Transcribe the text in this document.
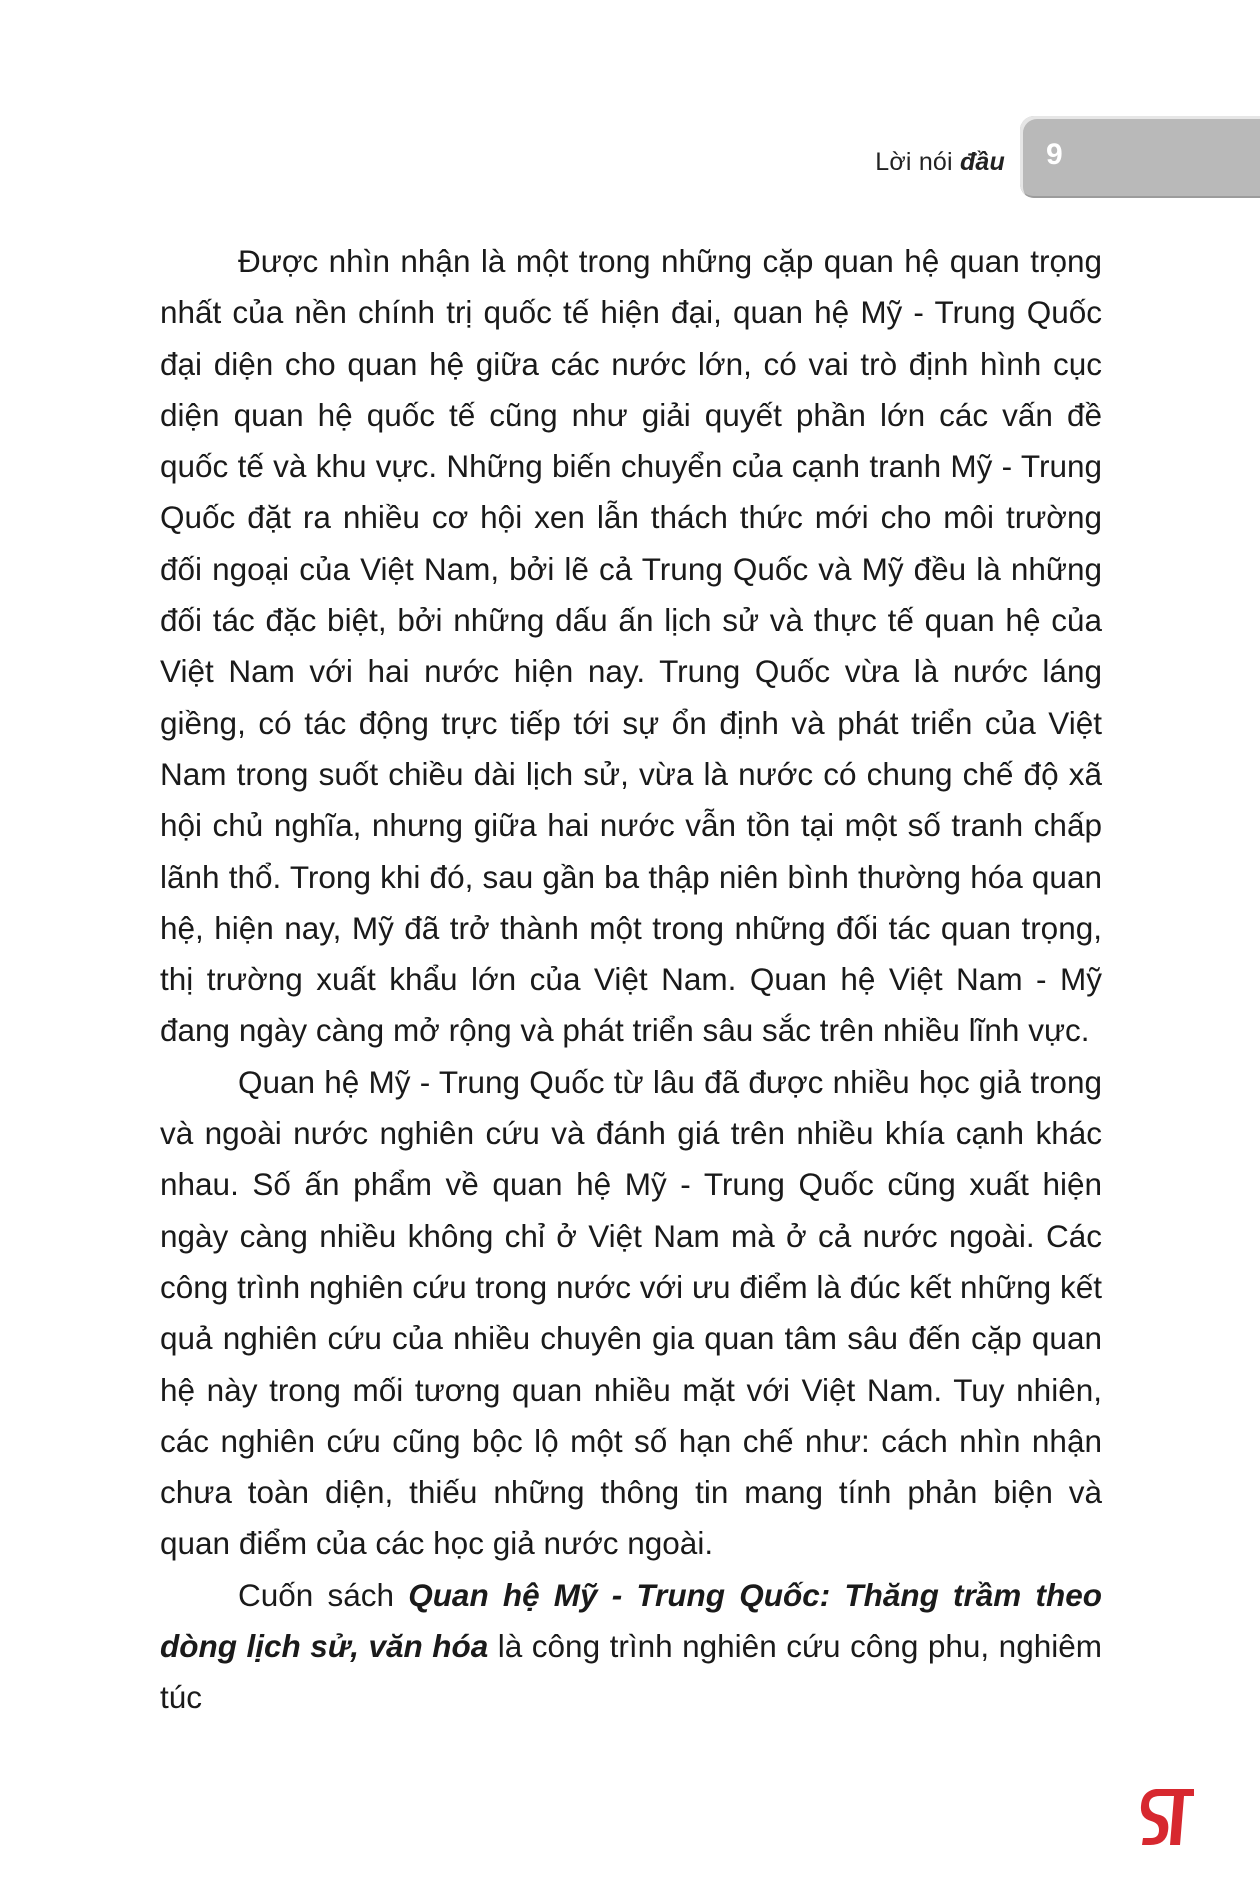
9
Lời nói đầu

Được nhìn nhận là một trong những cặp quan hệ quan trọng nhất của nền chính trị quốc tế hiện đại, quan hệ Mỹ - Trung Quốc đại diện cho quan hệ giữa các nước lớn, có vai trò định hình cục diện quan hệ quốc tế cũng như giải quyết phần lớn các vấn đề quốc tế và khu vực. Những biến chuyển của cạnh tranh Mỹ - Trung Quốc đặt ra nhiều cơ hội xen lẫn thách thức mới cho môi trường đối ngoại của Việt Nam, bởi lẽ cả Trung Quốc và Mỹ đều là những đối tác đặc biệt, bởi những dấu ấn lịch sử và thực tế quan hệ của Việt Nam với hai nước hiện nay. Trung Quốc vừa là nước láng giềng, có tác động trực tiếp tới sự ổn định và phát triển của Việt Nam trong suốt chiều dài lịch sử, vừa là nước có chung chế độ xã hội chủ nghĩa, nhưng giữa hai nước vẫn tồn tại một số tranh chấp lãnh thổ. Trong khi đó, sau gần ba thập niên bình thường hóa quan hệ, hiện nay, Mỹ đã trở thành một trong những đối tác quan trọng, thị trường xuất khẩu lớn của Việt Nam. Quan hệ Việt Nam - Mỹ đang ngày càng mở rộng và phát triển sâu sắc trên nhiều lĩnh vực.

Quan hệ Mỹ - Trung Quốc từ lâu đã được nhiều học giả trong và ngoài nước nghiên cứu và đánh giá trên nhiều khía cạnh khác nhau. Số ấn phẩm về quan hệ Mỹ - Trung Quốc cũng xuất hiện ngày càng nhiều không chỉ ở Việt Nam mà ở cả nước ngoài. Các công trình nghiên cứu trong nước với ưu điểm là đúc kết những kết quả nghiên cứu của nhiều chuyên gia quan tâm sâu đến cặp quan hệ này trong mối tương quan nhiều mặt với Việt Nam. Tuy nhiên, các nghiên cứu cũng bộc lộ một số hạn chế như: cách nhìn nhận chưa toàn diện, thiếu những thông tin mang tính phản biện và quan điểm của các học giả nước ngoài.

Cuốn sách Quan hệ Mỹ - Trung Quốc: Thăng trầm theo dòng lịch sử, văn hóa là công trình nghiên cứu công phu, nghiêm túc
